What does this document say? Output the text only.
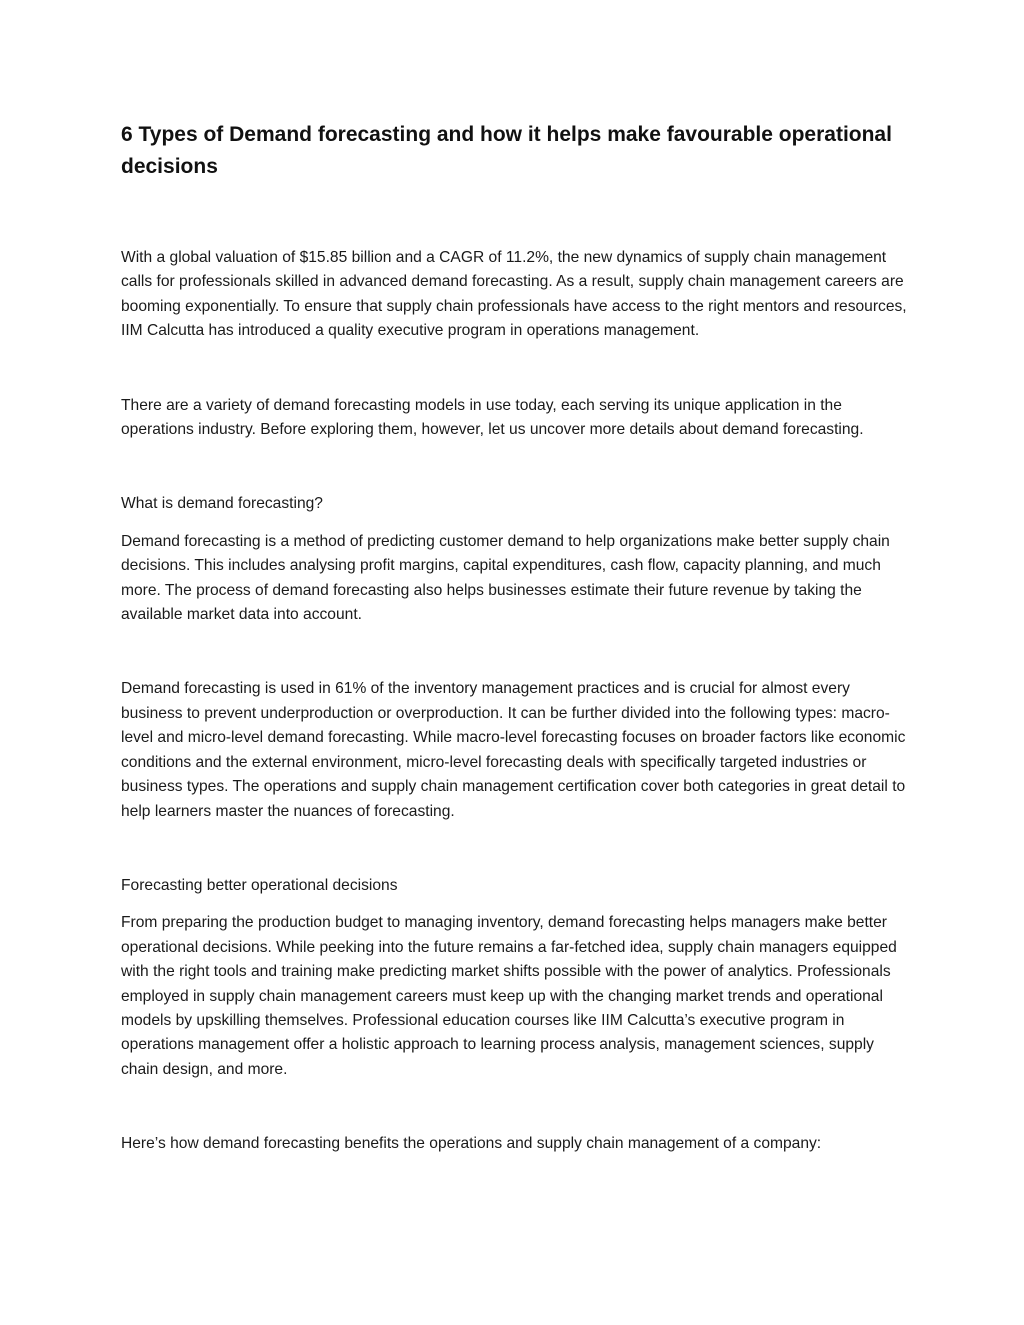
6 Types of Demand forecasting and how it helps make favourable operational decisions

With a global valuation of $15.85 billion and a CAGR of 11.2%, the new dynamics of supply chain management calls for professionals skilled in advanced demand forecasting. As a result, supply chain management careers are booming exponentially. To ensure that supply chain professionals have access to the right mentors and resources, IIM Calcutta has introduced a quality executive program in operations management.

There are a variety of demand forecasting models in use today, each serving its unique application in the operations industry. Before exploring them, however, let us uncover more details about demand forecasting.

What is demand forecasting?

Demand forecasting is a method of predicting customer demand to help organizations make better supply chain decisions. This includes analysing profit margins, capital expenditures, cash flow, capacity planning, and much more. The process of demand forecasting also helps businesses estimate their future revenue by taking the available market data into account.

Demand forecasting is used in 61% of the inventory management practices and is crucial for almost every business to prevent underproduction or overproduction. It can be further divided into the following types: macro-level and micro-level demand forecasting. While macro-level forecasting focuses on broader factors like economic conditions and the external environment, micro-level forecasting deals with specifically targeted industries or business types. The operations and supply chain management certification cover both categories in great detail to help learners master the nuances of forecasting.

Forecasting better operational decisions

From preparing the production budget to managing inventory, demand forecasting helps managers make better operational decisions. While peeking into the future remains a far-fetched idea, supply chain managers equipped with the right tools and training make predicting market shifts possible with the power of analytics. Professionals employed in supply chain management careers must keep up with the changing market trends and operational models by upskilling themselves. Professional education courses like IIM Calcutta’s executive program in operations management offer a holistic approach to learning process analysis, management sciences, supply chain design, and more.

Here’s how demand forecasting benefits the operations and supply chain management of a company:
